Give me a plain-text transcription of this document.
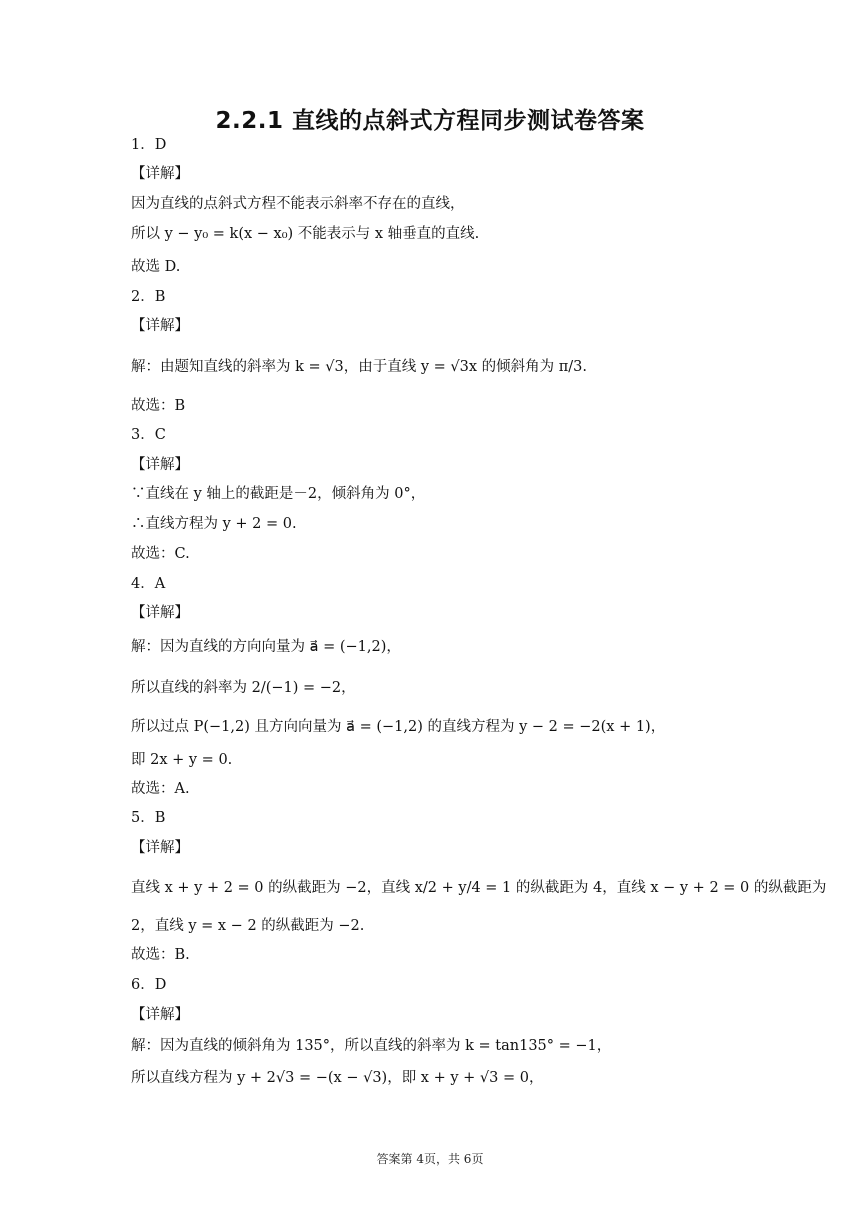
2.2.1 直线的点斜式方程同步测试卷答案
1．D
【详解】
因为直线的点斜式方程不能表示斜率不存在的直线，
所以 y − y₀ = k(x − x₀) 不能表示与 x 轴垂直的直线.
故选 D.
2．B
【详解】
解：由题知直线的斜率为 k = √3，由于直线 y = √3x 的倾斜角为 π/3.
故选：B
3．C
【详解】
∵直线在 y 轴上的截距是－2，倾斜角为 0°，
∴直线方程为 y + 2 = 0.
故选：C.
4．A
【详解】
解：因为直线的方向向量为 a⃗ = (−1,2)，
所以直线的斜率为 2/(−1) = −2，
所以过点 P(−1,2) 且方向向量为 a⃗ = (−1,2) 的直线方程为 y − 2 = −2(x + 1)，
即 2x + y = 0.
故选：A.
5．B
【详解】
直线 x + y + 2 = 0 的纵截距为 −2，直线 x/2 + y/4 = 1 的纵截距为 4，直线 x − y + 2 = 0 的纵截距为
2，直线 y = x − 2 的纵截距为 −2.
故选：B.
6．D
【详解】
解：因为直线的倾斜角为 135°，所以直线的斜率为 k = tan135° = −1，
所以直线方程为 y + 2√3 = −(x − √3)，即 x + y + √3 = 0，
答案第 4页，共 6页
